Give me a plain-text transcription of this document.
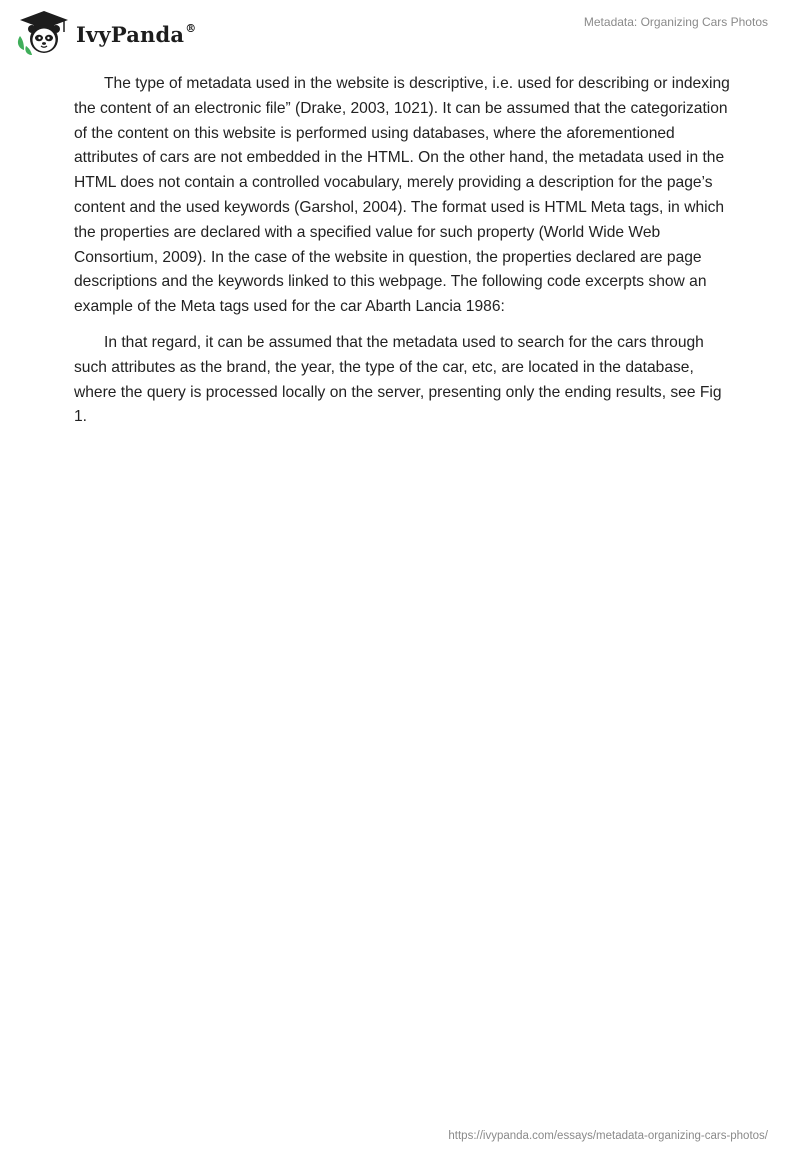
IvyPanda®	Metadata: Organizing Cars Photos

The type of metadata used in the website is descriptive, i.e. used for describing or indexing the content of an electronic file” (Drake, 2003, 1021). It can be assumed that the categorization of the content on this website is performed using databases, where the aforementioned attributes of cars are not embedded in the HTML. On the other hand, the metadata used in the HTML does not contain a controlled vocabulary, merely providing a description for the page’s content and the used keywords (Garshol, 2004). The format used is HTML Meta tags, in which the properties are declared with a specified value for such property (World Wide Web Consortium, 2009). In the case of the website in question, the properties declared are page descriptions and the keywords linked to this webpage. The following code excerpts show an example of the Meta tags used for the car Abarth Lancia 1986:

In that regard, it can be assumed that the metadata used to search for the cars through such attributes as the brand, the year, the type of the car, etc, are located in the database, where the query is processed locally on the server, presenting only the ending results, see Fig 1.

https://ivypanda.com/essays/metadata-organizing-cars-photos/
